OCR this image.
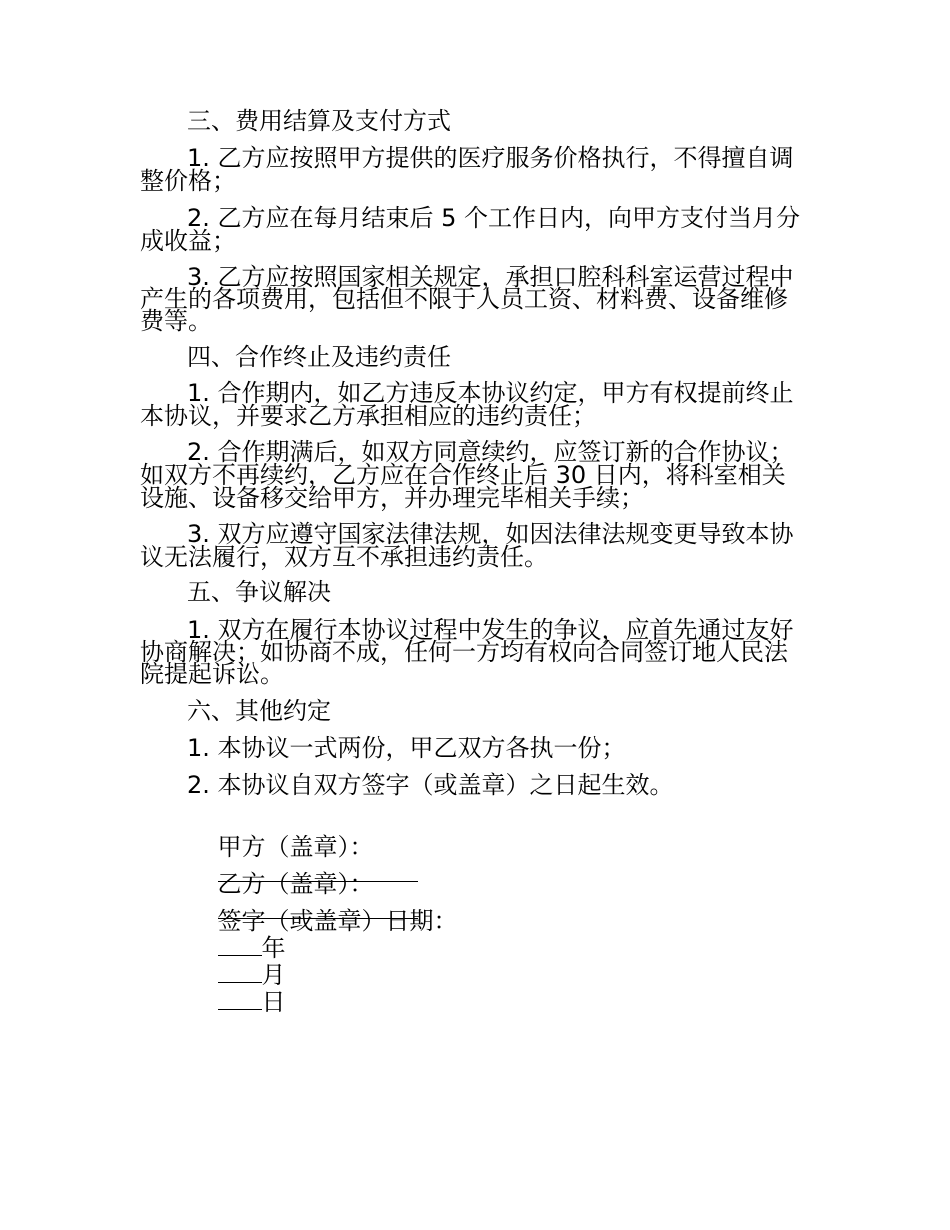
三、费用结算及支付方式
1. 乙方应按照甲方提供的医疗服务价格执行，不得擅自调
整价格；
2. 乙方应在每月结束后 5 个工作日内，向甲方支付当月分
成收益；
3. 乙方应按照国家相关规定，承担口腔科科室运营过程中
产生的各项费用，包括但不限于人员工资、材料费、设备维修
费等。
四、合作终止及违约责任
1. 合作期内，如乙方违反本协议约定，甲方有权提前终止
本协议，并要求乙方承担相应的违约责任；
2. 合作期满后，如双方同意续约，应签订新的合作协议；
如双方不再续约，乙方应在合作终止后 30 日内，将科室相关
设施、设备移交给甲方，并办理完毕相关手续；
3. 双方应遵守国家法律法规，如因法律法规变更导致本协
议无法履行，双方互不承担违约责任。
五、争议解决
1. 双方在履行本协议过程中发生的争议，应首先通过友好
协商解决；如协商不成，任何一方均有权向合同签订地人民法
院提起诉讼。
六、其他约定
1. 本协议一式两份，甲乙双方各执一份；
2. 本协议自双方签字（或盖章）之日起生效。

甲方（盖章）：

乙方（盖章）：

签字（或盖章）日期：
年
月
日
